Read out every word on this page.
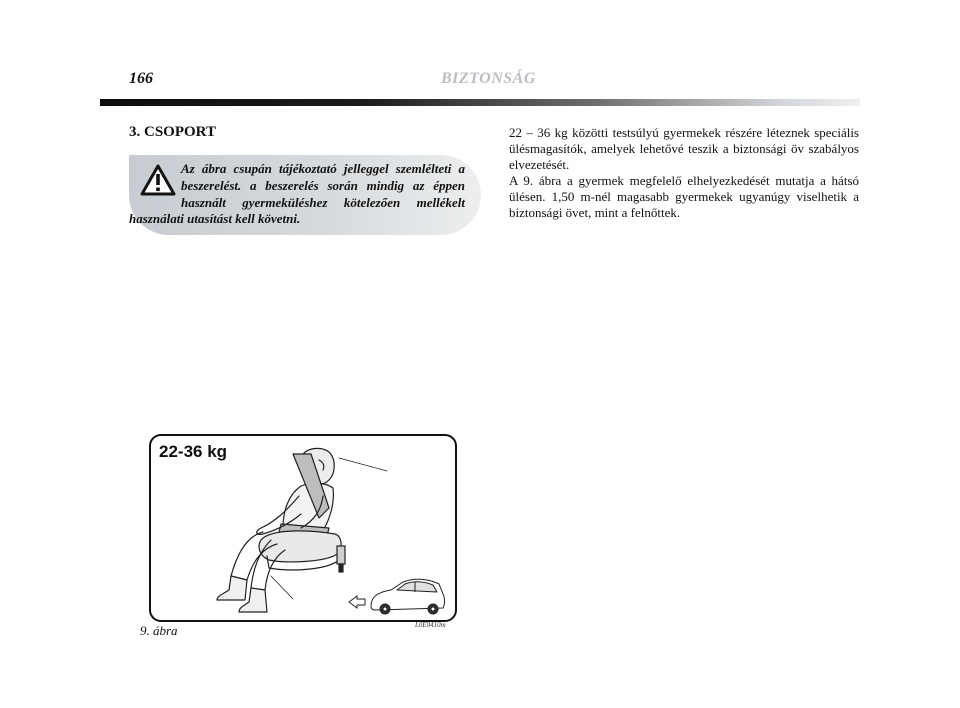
166	BIZTONSÁG
3. CSOPORT
Az ábra csupán tájékoztató jelleggel szemlélteti a beszerelést. a beszerelés során mindig az éppen használt gyermeküléshez kötelezően mellékelt használati utasítást kell követni.

22 – 36 kg közötti testsúlyú gyermekek részére léteznek speciális ülésmagasítók, amelyek lehetővé teszik a biztonsági öv szabályos elvezetését.

A 9. ábra a gyermek megfelelő elhelyezkedését mutatja a hátsó ülésen. 1,50 m-nél magasabb gyermekek ugyanúgy viselhetik a biztonsági övet, mint a felnőttek.

22-36 kg
L0E0410m
9. ábra
